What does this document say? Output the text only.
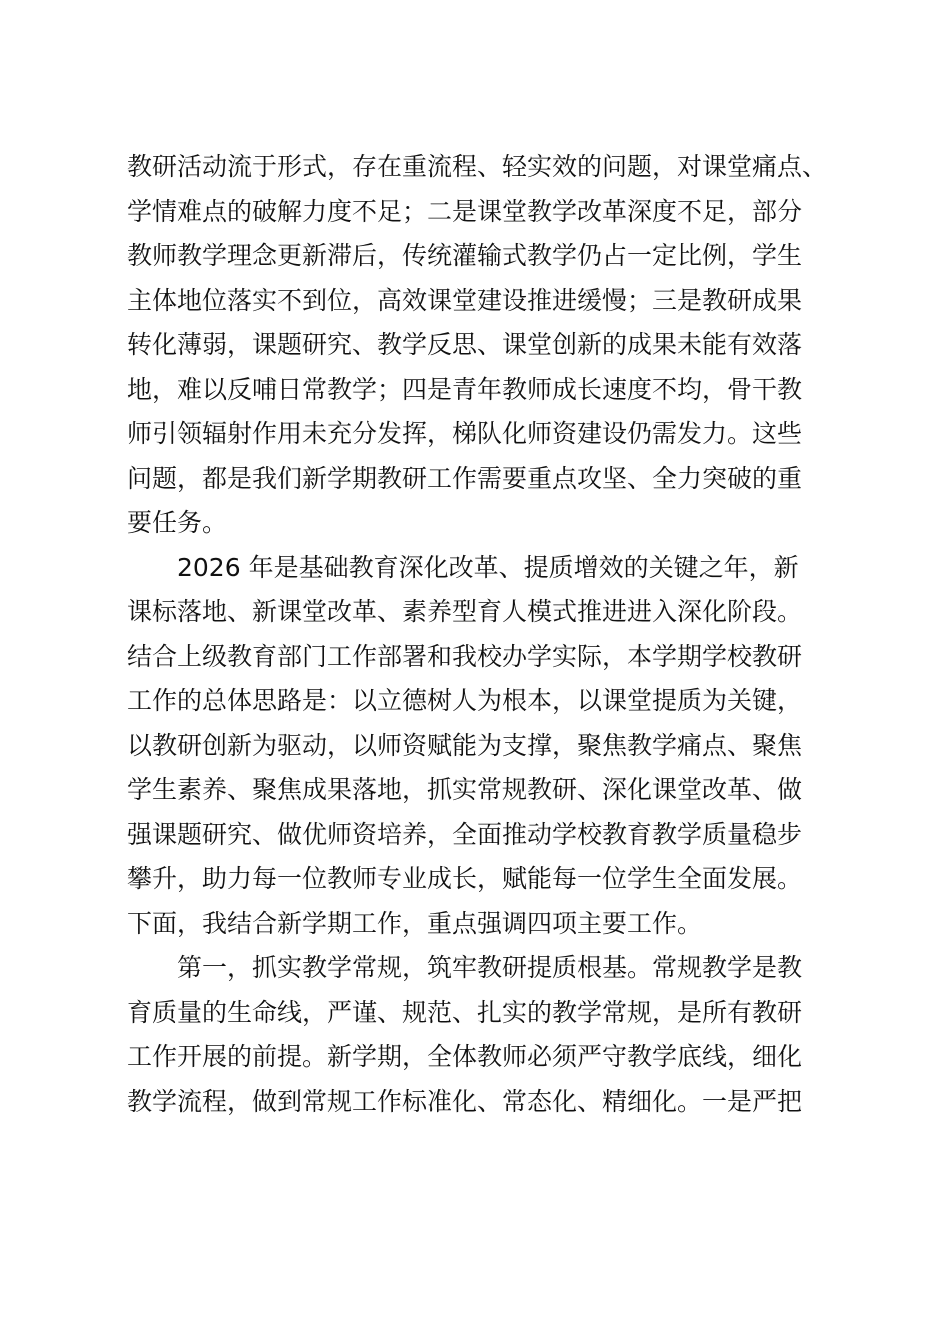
教研活动流于形式，存在重流程、轻实效的问题，对课堂痛点、
学情难点的破解力度不足；二是课堂教学改革深度不足，部分
教师教学理念更新滞后，传统灌输式教学仍占一定比例，学生
主体地位落实不到位，高效课堂建设推进缓慢；三是教研成果
转化薄弱，课题研究、教学反思、课堂创新的成果未能有效落
地，难以反哺日常教学；四是青年教师成长速度不均，骨干教
师引领辐射作用未充分发挥，梯队化师资建设仍需发力。这些
问题，都是我们新学期教研工作需要重点攻坚、全力突破的重
要任务。
2026 年是基础教育深化改革、提质增效的关键之年，新
课标落地、新课堂改革、素养型育人模式推进进入深化阶段。
结合上级教育部门工作部署和我校办学实际，本学期学校教研
工作的总体思路是：以立德树人为根本，以课堂提质为关键，
以教研创新为驱动，以师资赋能为支撑，聚焦教学痛点、聚焦
学生素养、聚焦成果落地，抓实常规教研、深化课堂改革、做
强课题研究、做优师资培养，全面推动学校教育教学质量稳步
攀升，助力每一位教师专业成长，赋能每一位学生全面发展。
下面，我结合新学期工作，重点强调四项主要工作。
第一，抓实教学常规，筑牢教研提质根基。常规教学是教
育质量的生命线，严谨、规范、扎实的教学常规，是所有教研
工作开展的前提。新学期，全体教师必须严守教学底线，细化
教学流程，做到常规工作标准化、常态化、精细化。一是严把
